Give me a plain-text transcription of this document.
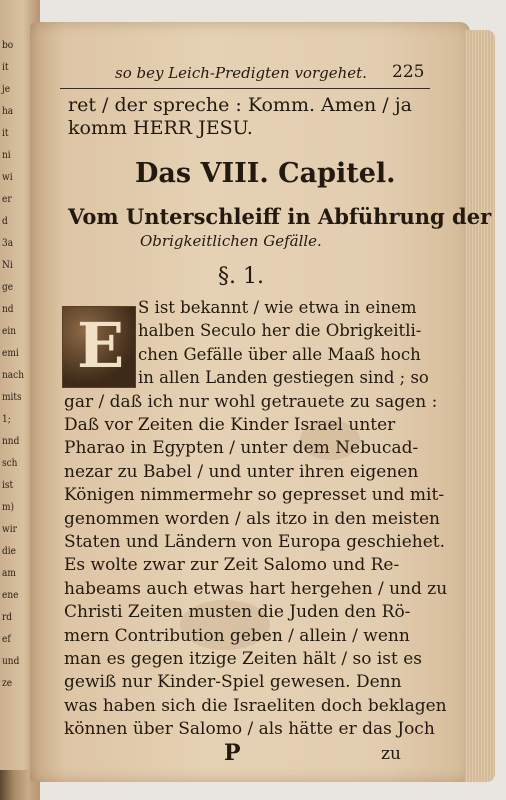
bo
it
je
ha
it
ni
wi
er
d
3a
Ni
ge
nd
ein
emi
nach
mits
1;
nnd
sch
ist
m)
wir
die
am
ene
rd
ef
und
ze
so bey Leich-Predigten vorgehet. 225
ret / der spreche : Komm. Amen / ja
komm HERR JESU.
Das VIII. Capitel.
Vom Unterschleiff in Abführung der
Obrigkeitlichen Gefälle.
§. 1.
E
S ist bekannt / wie etwa in einem
halben Seculo her die Obrigkeitli-
chen Gefälle über alle Maaß hoch
in allen Landen gestiegen sind ; so
gar / daß ich nur wohl getrauete zu sagen :
Daß vor Zeiten die Kinder Israel unter
Pharao in Egypten / unter dem Nebucad-
nezar zu Babel / und unter ihren eigenen
Königen nimmermehr so gepresset und mit-
genommen worden / als itzo in den meisten
Staten und Ländern von Europa geschiehet.
Es wolte zwar zur Zeit Salomo und Re-
habeams auch etwas hart hergehen / und zu
Christi Zeiten musten die Juden den Rö-
mern Contribution geben / allein / wenn
man es gegen itzige Zeiten hält / so ist es
gewiß nur Kinder-Spiel gewesen. Denn
was haben sich die Israeliten doch beklagen
können über Salomo / als hätte er das Joch
P	zu
